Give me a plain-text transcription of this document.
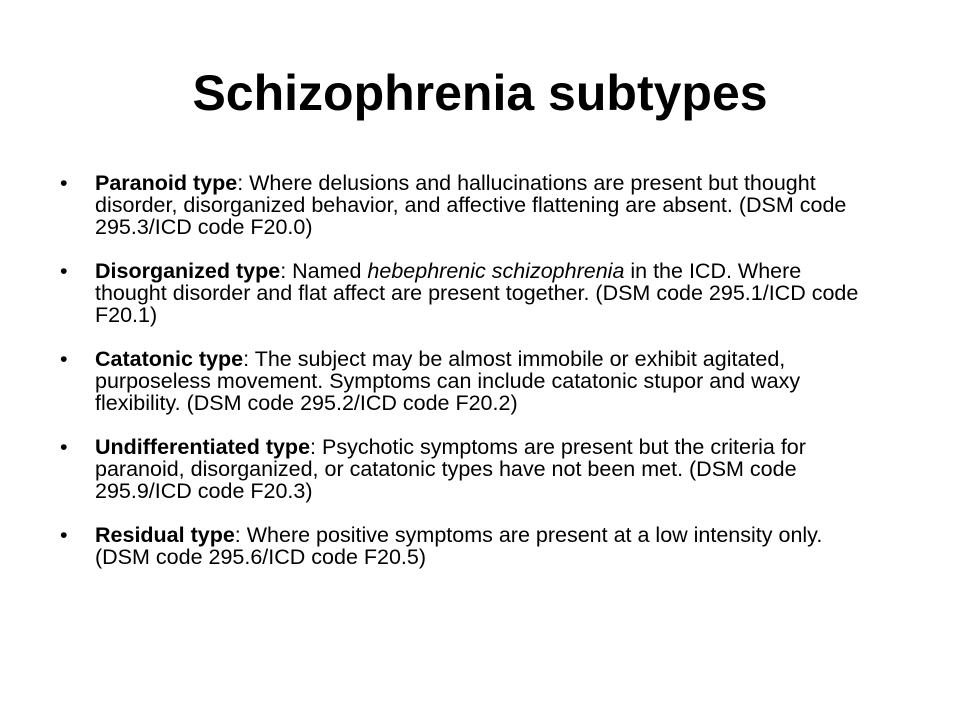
Schizophrenia subtypes
•	Paranoid type: Where delusions and hallucinations are present but thought disorder, disorganized behavior, and affective flattening are absent. (DSM code 295.3/ICD code F20.0)
•	Disorganized type: Named hebephrenic schizophrenia in the ICD. Where thought disorder and flat affect are present together. (DSM code 295.1/ICD code F20.1)
•	Catatonic type: The subject may be almost immobile or exhibit agitated, purposeless movement. Symptoms can include catatonic stupor and waxy flexibility. (DSM code 295.2/ICD code F20.2)
•	Undifferentiated type: Psychotic symptoms are present but the criteria for paranoid, disorganized, or catatonic types have not been met. (DSM code 295.9/ICD code F20.3)
•	Residual type: Where positive symptoms are present at a low intensity only. (DSM code 295.6/ICD code F20.5)
